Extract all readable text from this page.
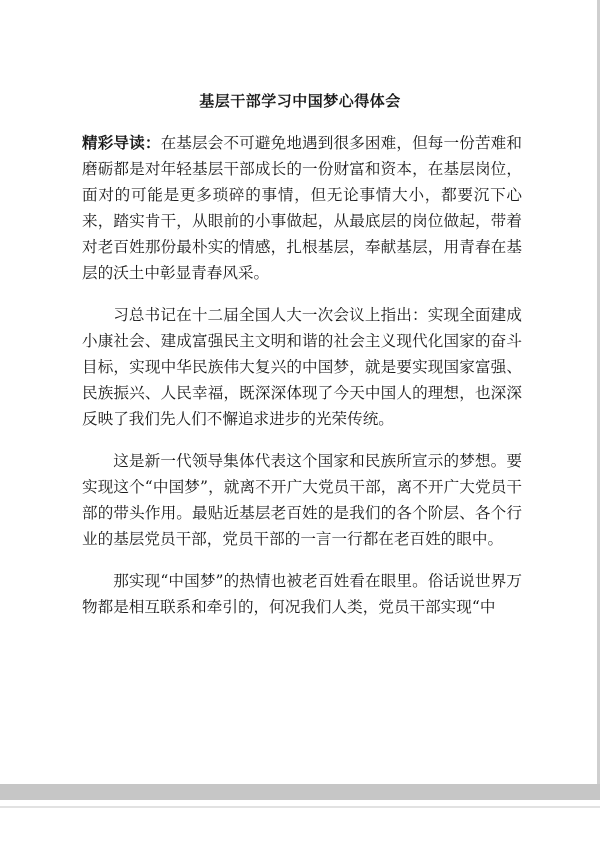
基层干部学习中国梦心得体会

精彩导读：在基层会不可避免地遇到很多困难，但每一份苦难和磨砺都是对年轻基层干部成长的一份财富和资本，在基层岗位，面对的可能是更多琐碎的事情，但无论事情大小，都要沉下心来，踏实肯干，从眼前的小事做起，从最底层的岗位做起，带着对老百姓那份最朴实的情感，扎根基层，奉献基层，用青春在基层的沃土中彰显青春风采。

习总书记在十二届全国人大一次会议上指出：实现全面建成小康社会、建成富强民主文明和谐的社会主义现代化国家的奋斗目标，实现中华民族伟大复兴的中国梦，就是要实现国家富强、民族振兴、人民幸福，既深深体现了今天中国人的理想，也深深反映了我们先人们不懈追求进步的光荣传统。

这是新一代领导集体代表这个国家和民族所宣示的梦想。要实现这个“中国梦”，就离不开广大党员干部，离不开广大党员干部的带头作用。最贴近基层老百姓的是我们的各个阶层、各个行业的基层党员干部，党员干部的一言一行都在老百姓的眼中。

那实现“中国梦”的热情也被老百姓看在眼里。俗话说世界万物都是相互联系和牵引的，何况我们人类，党员干部实现“中
